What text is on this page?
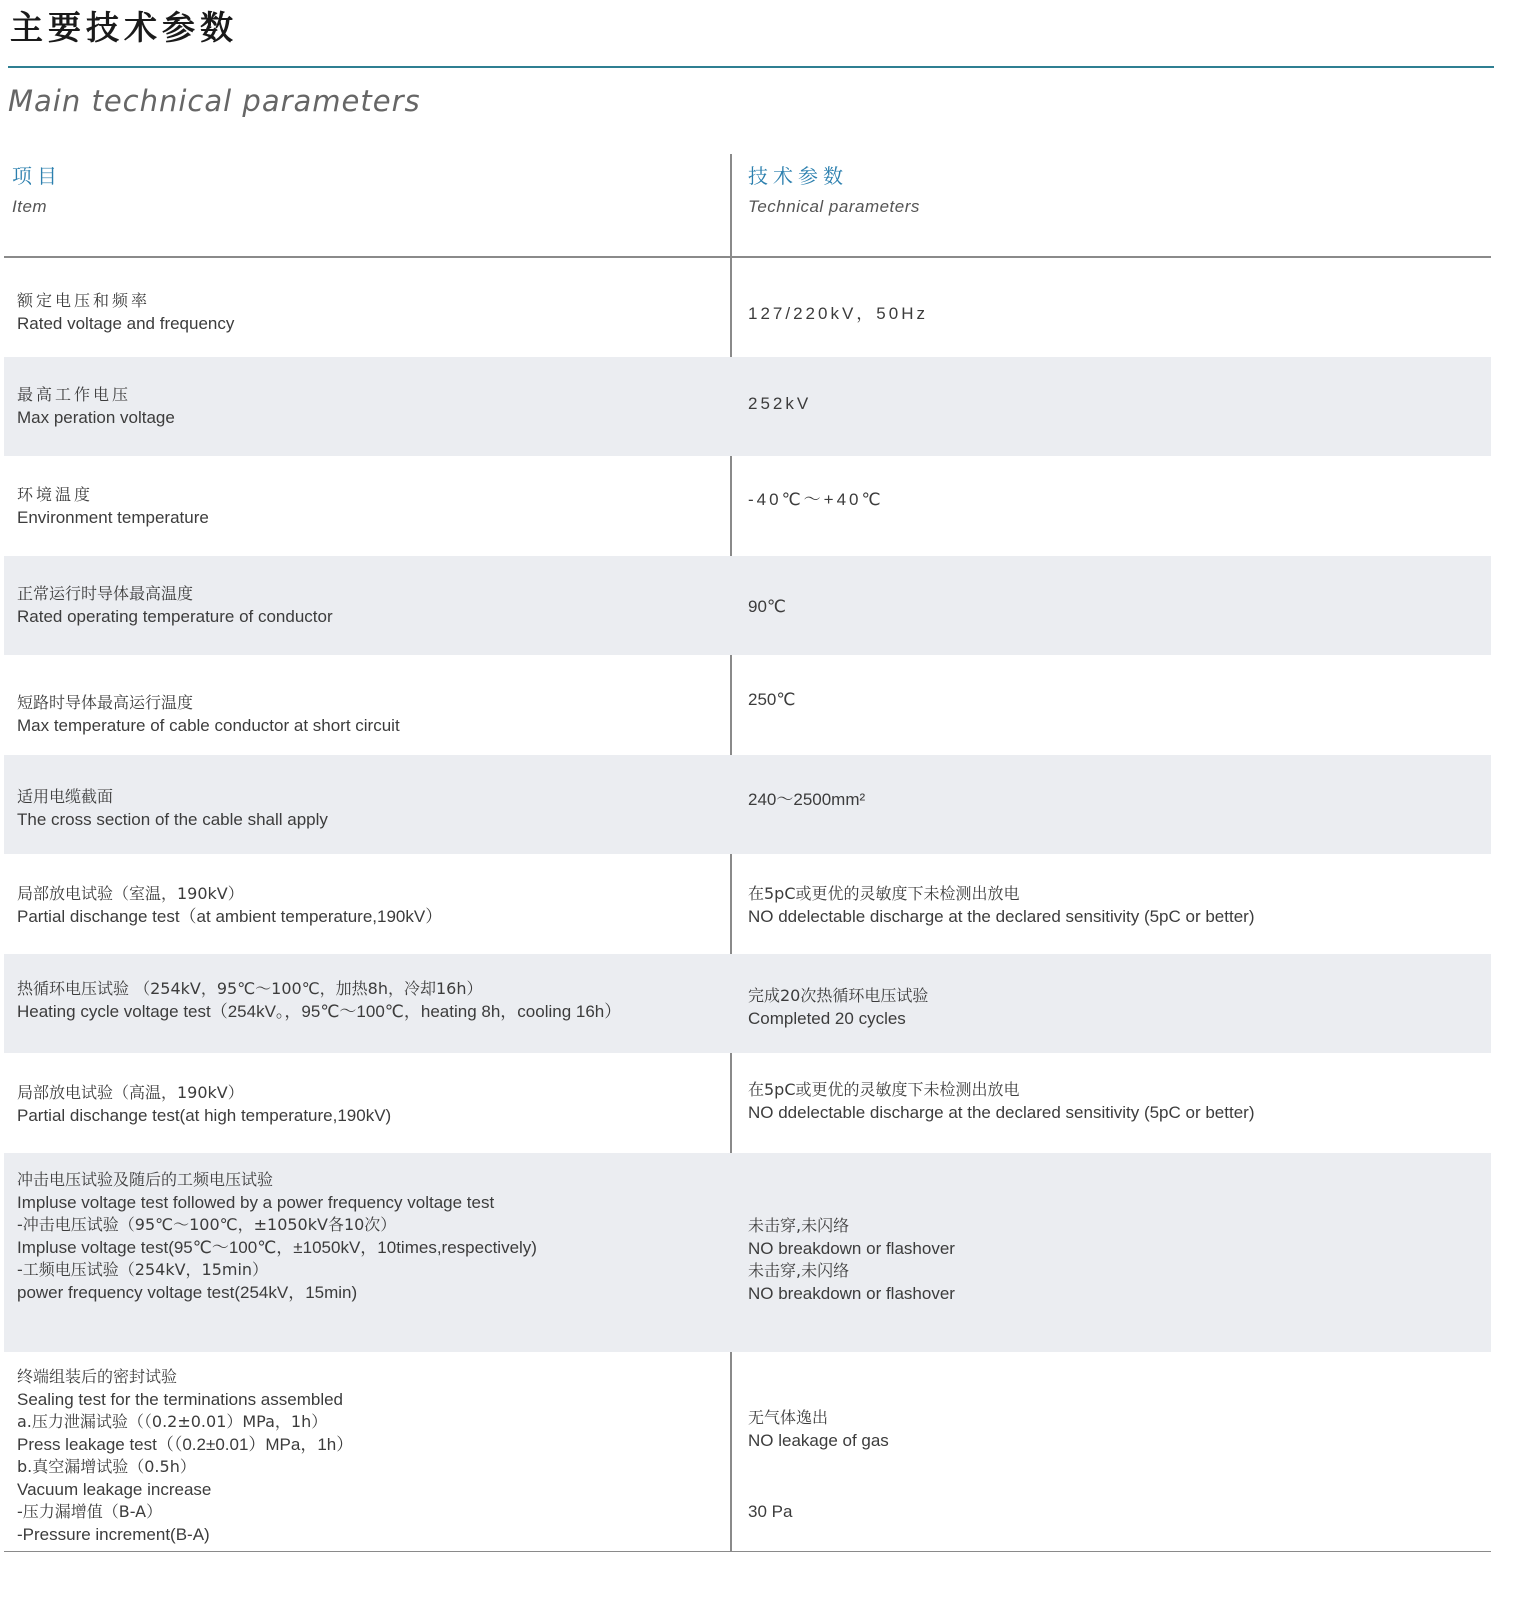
主要技术参数
Main technical parameters
项目
Item
技术参数
Technical parameters
额定电压和频率
Rated voltage and frequency	127/220kV，50Hz
最高工作电压
Max peration voltage
252kV
环境温度
Environment temperature
-40℃～+40℃
正常运行时导体最高温度
Rated operating temperature of conductor	90℃
短路时导体最高运行温度
Max temperature of cable conductor at short circuit
250℃
适用电缆截面
The cross section of the cable shall apply
240～2500mm²
局部放电试验（室温，190kV）
Partial dischange test（at ambient temperature,190kV）
在5pC或更优的灵敏度下未检测出放电
NO ddelectable discharge at the declared sensitivity (5pC or better)
热循环电压试验 （254kV，95℃～100℃，加热8h，冷却16h）
Heating cycle voltage test（254kV。，95℃～100℃，heating 8h，cooling 16h）
完成20次热循环电压试验
Completed 20 cycles
局部放电试验（高温，190kV）
Partial dischange test(at high temperature,190kV)
在5pC或更优的灵敏度下未检测出放电
NO ddelectable discharge at the declared sensitivity (5pC or better)
冲击电压试验及随后的工频电压试验
Impluse voltage test followed by a power frequency voltage test
-冲击电压试验（95℃～100℃，±1050kV各10次）
Impluse voltage test(95℃～100℃，±1050kV，10times,respectively)
-工频电压试验（254kV，15min）
power frequency voltage test(254kV，15min)
未击穿,未闪络
NO breakdown or flashover
未击穿,未闪络
NO breakdown or flashover
终端组装后的密封试验
Sealing test for the terminations assembled
a.压力泄漏试验（（0.2±0.01）MPa，1h）
Press leakage test（（0.2±0.01）MPa，1h）
b.真空漏增试验（0.5h）
Vacuum leakage increase
-压力漏增值（B-A）
-Pressure increment(B-A)
无气体逸出
NO leakage of gas
30 Pa
